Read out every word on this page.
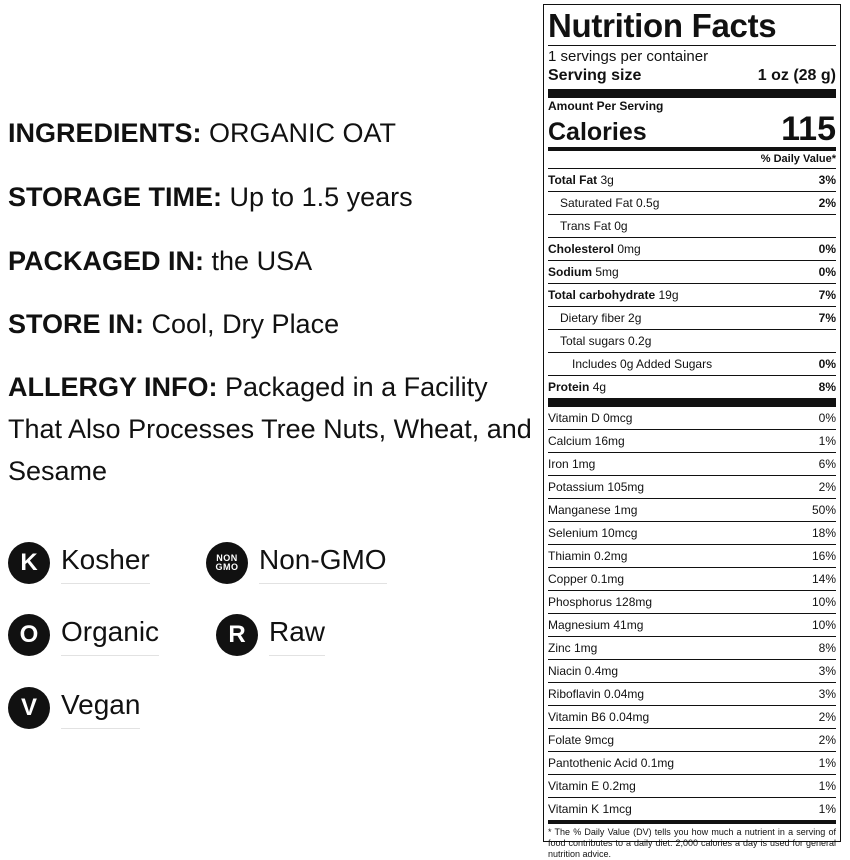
INGREDIENTS: ORGANIC OAT
STORAGE TIME: Up to 1.5 years
PACKAGED IN: the USA
STORE IN: Cool, Dry Place
ALLERGY INFO: Packaged in a Facility That Also Processes Tree Nuts, Wheat, and Sesame
K Kosher	NON
GMO Non-GMO
O Organic	R Raw
V Vegan
Nutrition Facts
1 servings per container
Serving size	1 oz (28 g)
Amount Per Serving
Calories	115
% Daily Value*
Total Fat 3g	3%
Saturated Fat 0.5g	2%
Trans Fat 0g
Cholesterol 0mg	0%
Sodium 5mg	0%
Total carbohydrate 19g	7%
Dietary fiber 2g	7%
Total sugars 0.2g
Includes 0g Added Sugars	0%
Protein 4g	8%
Vitamin D 0mcg	0%
Calcium 16mg	1%
Iron 1mg	6%
Potassium 105mg	2%
Manganese 1mg	50%
Selenium 10mcg	18%
Thiamin 0.2mg	16%
Copper 0.1mg	14%
Phosphorus 128mg	10%
Magnesium 41mg	10%
Zinc 1mg	8%
Niacin 0.4mg	3%
Riboflavin 0.04mg	3%
Vitamin B6 0.04mg	2%
Folate 9mcg	2%
Pantothenic Acid 0.1mg	1%
Vitamin E 0.2mg	1%
Vitamin K 1mcg	1%
* The % Daily Value (DV) tells you how much a nutrient in a serving of food contributes to a daily diet. 2,000 calories a day is used for general nutrition advice.
